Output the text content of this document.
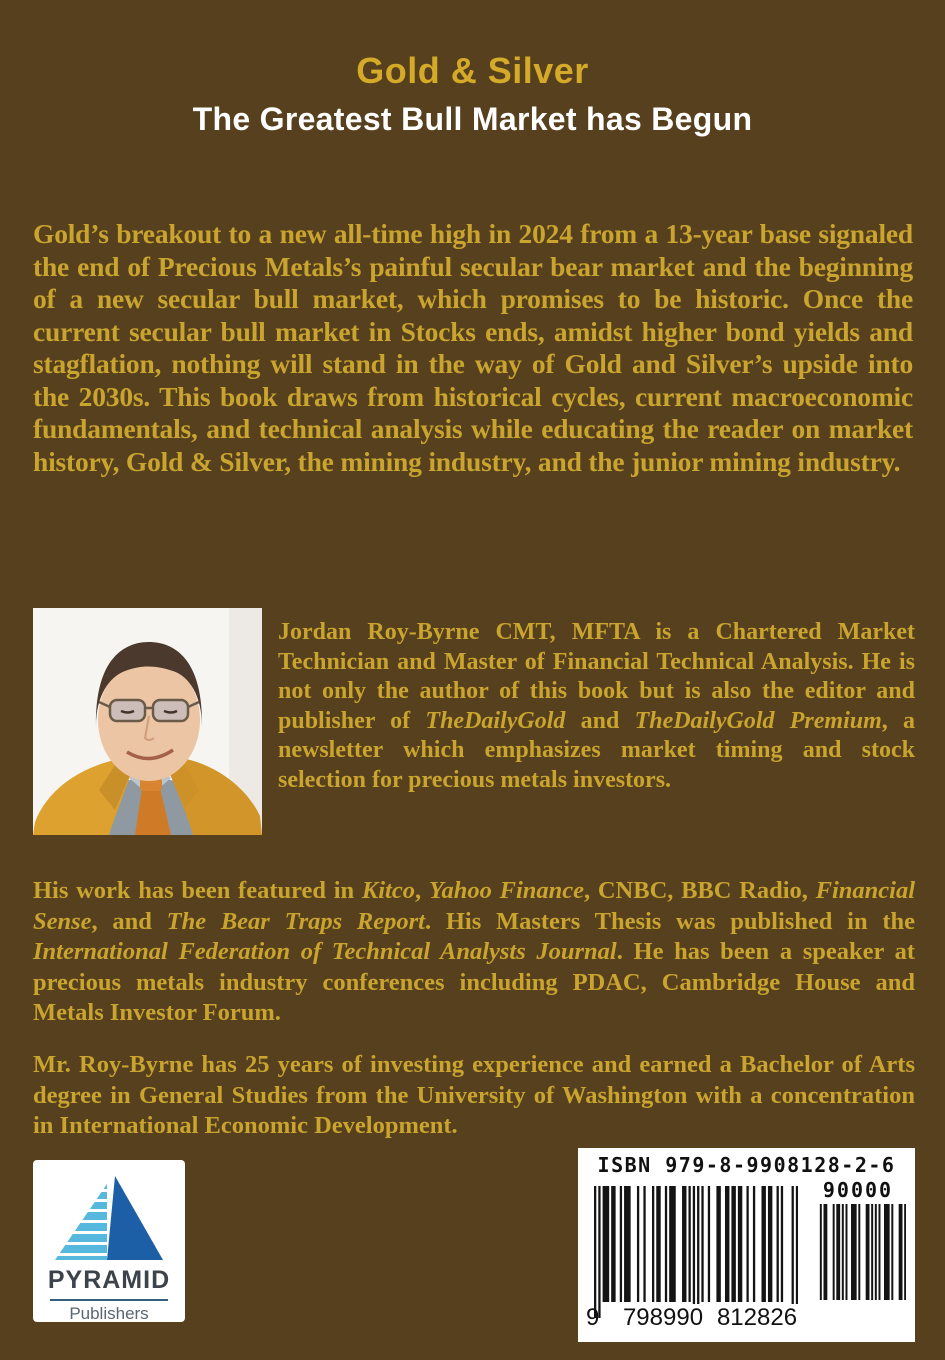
Gold & Silver
The Greatest Bull Market has Begun

Gold’s breakout to a new all-time high in 2024 from a 13-year base signaled the end of Precious Metals’s painful secular bear market and the beginning of a new secular bull market, which promises to be historic. Once the current secular bull market in Stocks ends, amidst higher bond yields and stagflation, nothing will stand in the way of Gold and Silver’s upside into the 2030s. This book draws from historical cycles, current macroeconomic fundamentals, and technical analysis while educating the reader on market history, Gold & Silver, the mining industry, and the junior mining industry.

Jordan Roy-Byrne CMT, MFTA is a Chartered Market Technician and Master of Financial Technical Analysis. He is not only the author of this book but is also the editor and publisher of TheDailyGold and TheDailyGold Premium, a newsletter which emphasizes market timing and stock selection for precious metals investors.

His work has been featured in Kitco, Yahoo Finance, CNBC, BBC Radio, Financial Sense, and The Bear Traps Report. His Masters Thesis was published in the International Federation of Technical Analysts Journal. He has been a speaker at precious metals industry conferences including PDAC, Cambridge House and Metals Investor Forum.

Mr. Roy-Byrne has 25 years of investing experience and earned a Bachelor of Arts degree in General Studies from the University of Washington with a concentration in International Economic Development.

PYRAMID
Publishers
ISBN 979-8-9908128-2-6
90000
9 798990 812826
